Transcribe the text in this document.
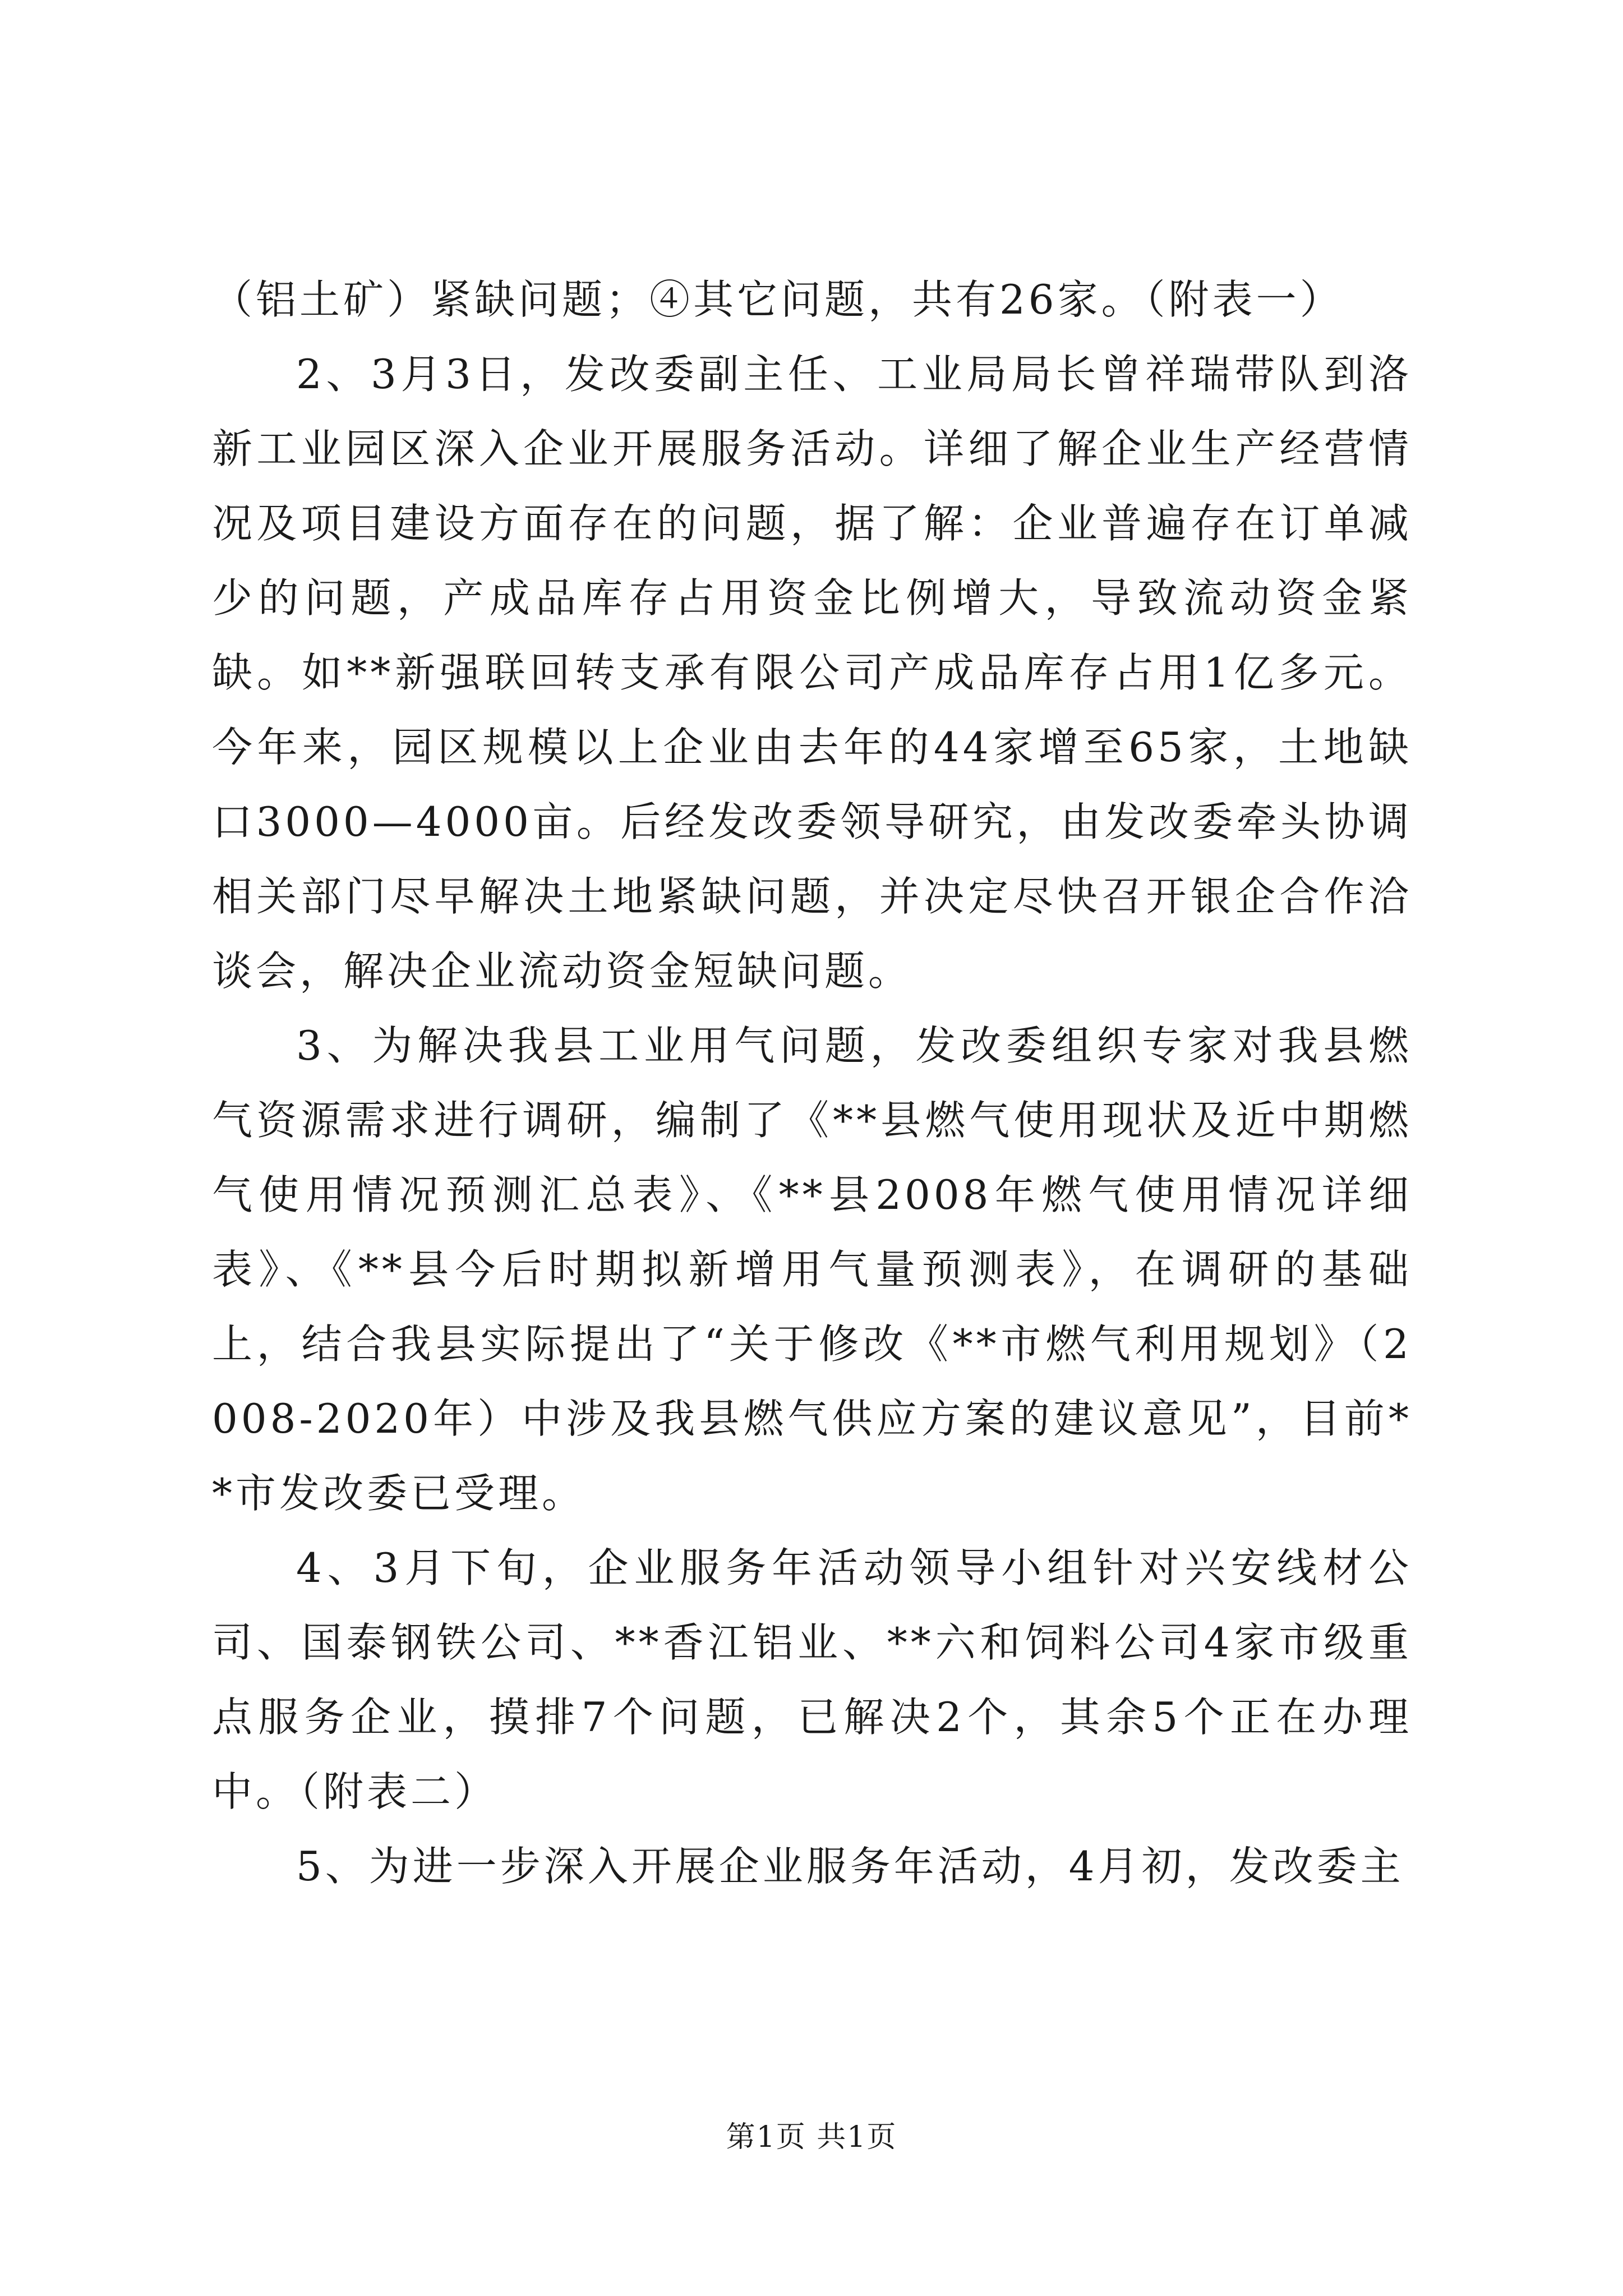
（铝土矿）紧缺问题；④其它问题，共有26家。（附表一）

2、3月3日，发改委副主任、工业局局长曾祥瑞带队到洛新工业园区深入企业开展服务活动。详细了解企业生产经营情况及项目建设方面存在的问题，据了解：企业普遍存在订单减少的问题，产成品库存占用资金比例增大，导致流动资金紧缺。如**新强联回转支承有限公司产成品库存占用1亿多元。今年来，园区规模以上企业由去年的44家增至65家，土地缺口3000—4000亩。后经发改委领导研究，由发改委牵头协调相关部门尽早解决土地紧缺问题，并决定尽快召开银企合作洽谈会，解决企业流动资金短缺问题。

3、为解决我县工业用气问题，发改委组织专家对我县燃气资源需求进行调研，编制了《**县燃气使用现状及近中期燃气使用情况预测汇总表》、《**县2008年燃气使用情况详细表》、《**县今后时期拟新增用气量预测表》，在调研的基础上，结合我县实际提出了“关于修改《**市燃气利用规划》（2008-2020年）中涉及我县燃气供应方案的建议意见”，目前**市发改委已受理。

4、3月下旬，企业服务年活动领导小组针对兴安线材公司、国泰钢铁公司、**香江铝业、**六和饲料公司4家市级重点服务企业，摸排7个问题，已解决2个，其余5个正在办理中。（附表二）

5、为进一步深入开展企业服务年活动，4月初，发改委主

第1页 共1页
